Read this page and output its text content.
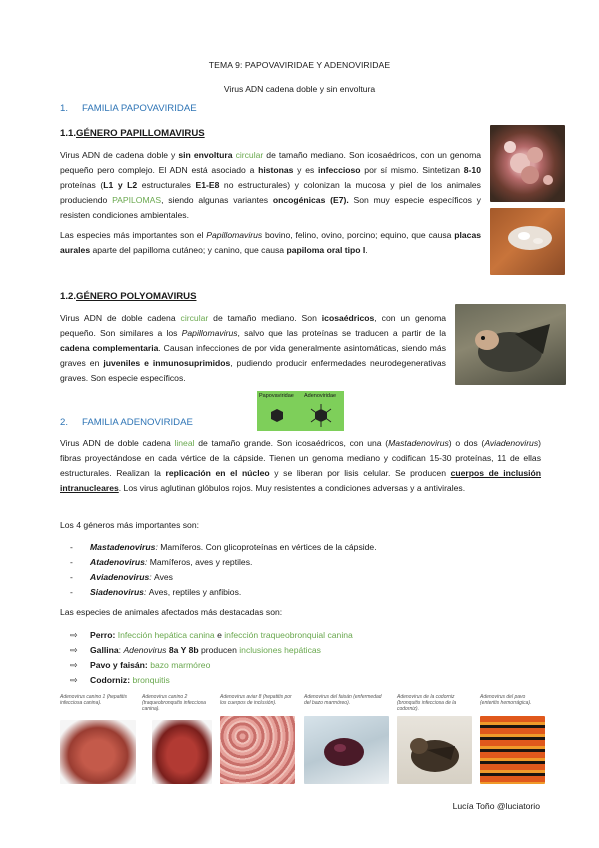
TEMA 9: PAPOVAVIRIDAE Y ADENOVIRIDAE
Virus ADN cadena doble y sin envoltura
1. FAMILIA PAPOVAVIRIDAE
1.1.GÉNERO PAPILLOMAVIRUS
Virus ADN de cadena doble y sin envoltura circular de tamaño mediano. Son icosaédricos, con un genoma pequeño pero complejo. El ADN está asociado a histonas y es infeccioso por sí mismo. Sintetizan 8-10 proteínas (L1 y L2 estructurales E1-E8 no estructurales) y colonizan la mucosa y piel de los animales produciendo PAPILOMAS, siendo algunas variantes oncogénicas (E7). Son muy especie específicos y resisten condiciones ambientales.
Las especies más importantes son el Papillomavirus bovino, felino, ovino, porcino; equino, que causa placas aurales aparte del papilloma cutáneo; y canino, que causa papiloma oral tipo I.
1.2.GÉNERO POLYOMAVIRUS
Virus ADN de doble cadena circular de tamaño mediano. Son icosaédricos, con un genoma pequeño. Son similares a los Papillomavirus, salvo que las proteínas se traducen a partir de la cadena complementaria. Causan infecciones de por vida generalmente asintomáticas, siendo más graves en juveniles e inmunosuprimidos, pudiendo producir enfermedades neurodegenerativas graves. Son especie específicos.
2. FAMILIA ADENOVIRIDAE
Papovaviridae Adenoviridae
Virus ADN de doble cadena lineal de tamaño grande. Son icosaédricos, con una (Mastadenovirus) o dos (Aviadenovirus) fibras proyectándose en cada vértice de la cápside. Tienen un genoma mediano y codifican 15-30 proteínas, 11 de ellas estructurales. Realizan la replicación en el núcleo y se liberan por lisis celular. Se producen cuerpos de inclusión intranucleares. Los virus aglutinan glóbulos rojos. Muy resistentes a condiciones adversas y a antivirales.
Los 4 géneros más importantes son:
- Mastadenovirus: Mamíferos. Con glicoproteínas en vértices de la cápside.
- Atadenovirus: Mamíferos, aves y reptiles.
- Aviadenovirus: Aves
- Siadenovirus: Aves, reptiles y anfibios.
Las especies de animales afectados más destacadas son:
⇨ Perro: Infección hepática canina e infección traqueobronquial canina
⇨ Gallina: Adenovirus 8a Y 8b producen inclusiones hepáticas
⇨ Pavo y faisán: bazo marmóreo
⇨ Codorniz: bronquitis
Adenovirus canino 1 (hepatitis infecciosa canina).
Adenovirus canino 2 (traqueobronquitis infecciosa canina).
Adenovirus aviar 8 (hepatitis por los cuerpos de inclusión).
Adenovirus del faisán (enfermedad del bazo marmóreo).
Adenovirus de la codorniz (bronquitis infecciosa de la codorniz).
Adenovirus del pavo (enteritis hemorrágica).
Lucía Toño @luciatorio
